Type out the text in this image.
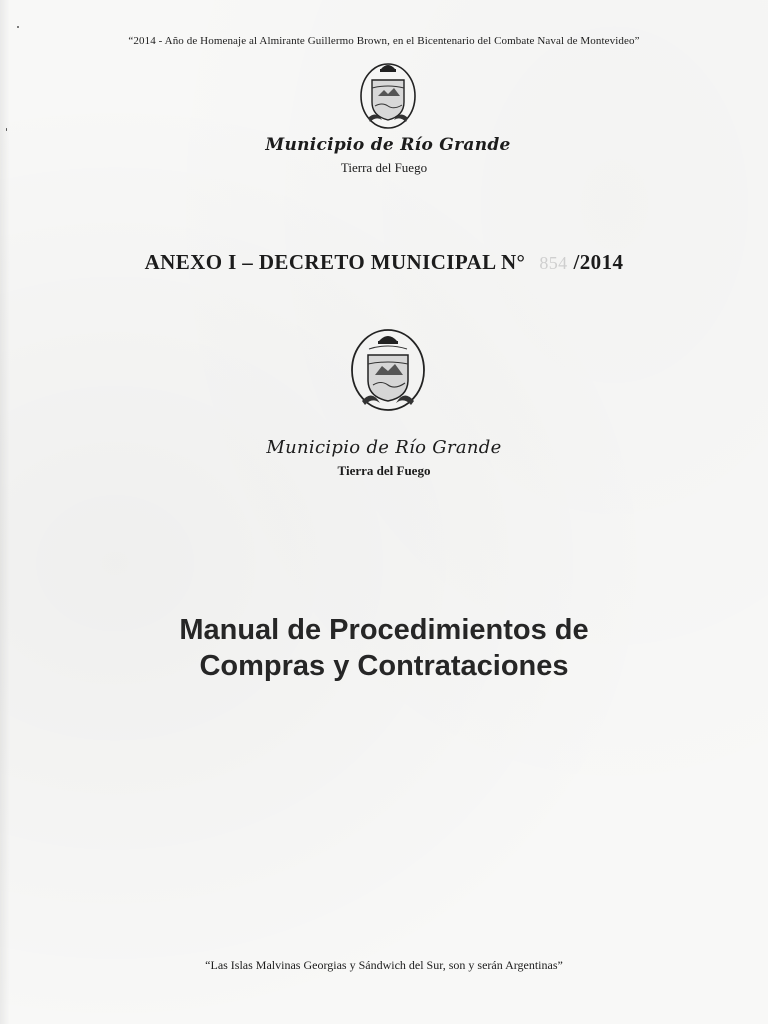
“2014 - Año de Homenaje al Almirante Guillermo Brown, en el Bicentenario del Combate Naval de Montevideo”
Municipio de Río Grande
Tierra del Fuego
ANEXO I – DECRETO MUNICIPAL N° 854 /2014
Municipio de Río Grande
Tierra del Fuego
Manual de Procedimientos de
Compras y Contrataciones
“Las Islas Malvinas Georgias y Sándwich del Sur, son y serán Argentinas”
